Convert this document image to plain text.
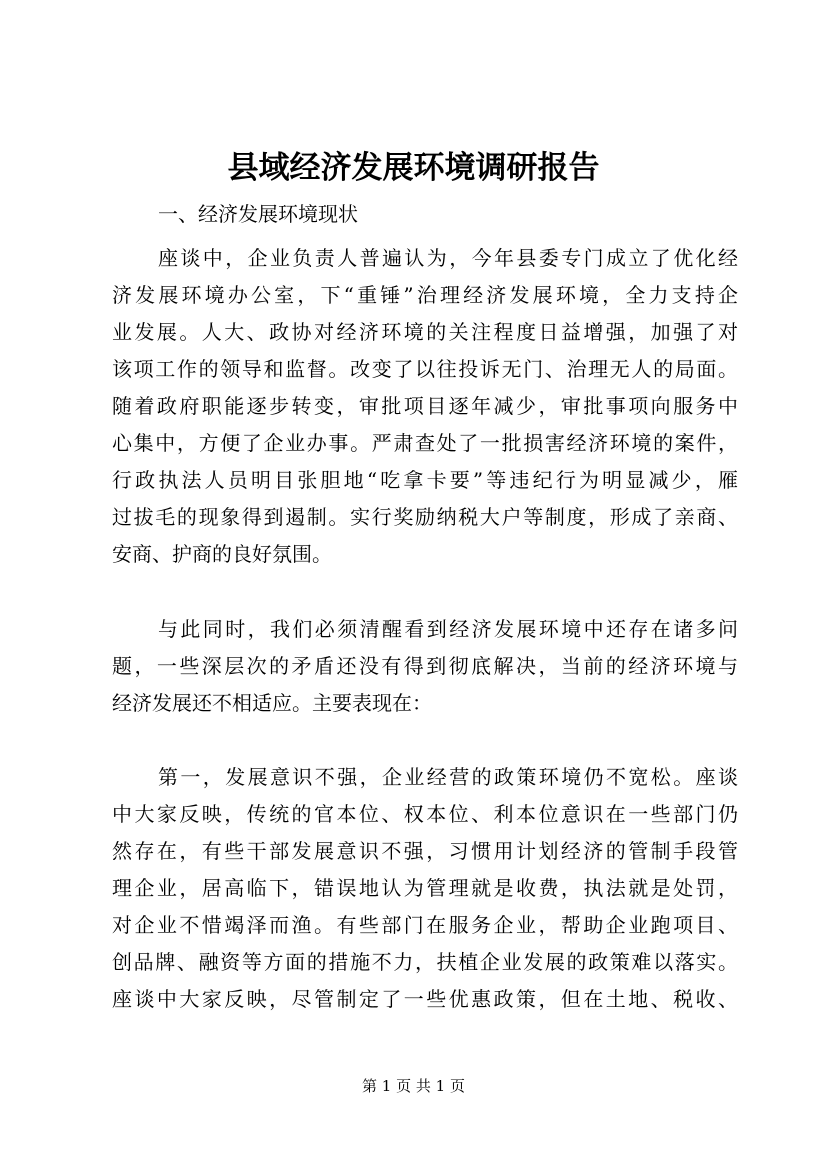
县域经济发展环境调研报告
一、经济发展环境现状
座谈中，企业负责人普遍认为，今年县委专门成立了优化经
济发展环境办公室，下“重锤”治理经济发展环境，全力支持企
业发展。人大、政协对经济环境的关注程度日益增强，加强了对
该项工作的领导和监督。改变了以往投诉无门、治理无人的局面。
随着政府职能逐步转变，审批项目逐年减少，审批事项向服务中
心集中，方便了企业办事。严肃查处了一批损害经济环境的案件，
行政执法人员明目张胆地“吃拿卡要”等违纪行为明显减少，雁
过拔毛的现象得到遏制。实行奖励纳税大户等制度，形成了亲商、
安商、护商的良好氛围。
与此同时，我们必须清醒看到经济发展环境中还存在诸多问
题，一些深层次的矛盾还没有得到彻底解决，当前的经济环境与
经济发展还不相适应。主要表现在：
第一，发展意识不强，企业经营的政策环境仍不宽松。座谈
中大家反映，传统的官本位、权本位、利本位意识在一些部门仍
然存在，有些干部发展意识不强，习惯用计划经济的管制手段管
理企业，居高临下，错误地认为管理就是收费，执法就是处罚，
对企业不惜竭泽而渔。有些部门在服务企业，帮助企业跑项目、
创品牌、融资等方面的措施不力，扶植企业发展的政策难以落实。
座谈中大家反映，尽管制定了一些优惠政策，但在土地、税收、
第 1 页 共 1 页
